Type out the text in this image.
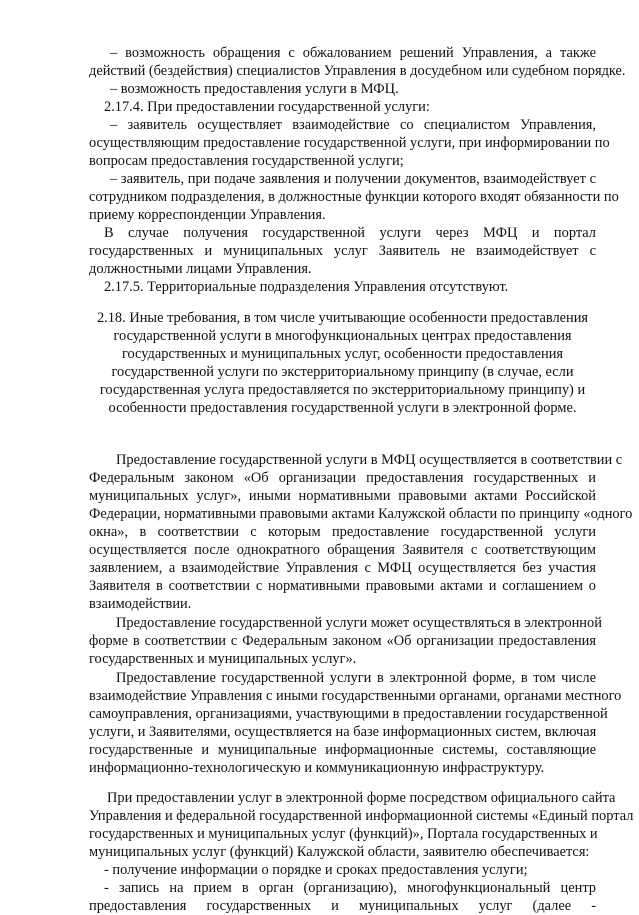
– возможность обращения с обжалованием решений Управления, а также
действий (бездействия) специалистов Управления в досудебном или судебном порядке.
– возможность предоставления услуги в МФЦ.
2.17.4. При предоставлении государственной услуги:
– заявитель осуществляет взаимодействие со специалистом Управления,
осуществляющим предоставление государственной услуги, при информировании по
вопросам предоставления государственной услуги;
– заявитель, при подаче заявления и получении документов, взаимодействует с
сотрудником подразделения, в должностные функции которого входят обязанности по
приему корреспонденции Управления.
В случае получения государственной услуги через МФЦ и портал
государственных и муниципальных услуг Заявитель не взаимодействует с
должностными лицами Управления.
2.17.5. Территориальные подразделения Управления отсутствуют.
2.18. Иные требования, в том числе учитывающие особенности предоставления
государственной услуги в многофункциональных центрах предоставления
государственных и муниципальных услуг, особенности предоставления
государственной услуги по экстерриториальному принципу (в случае, если
государственная услуга предоставляется по экстерриториальному принципу) и
особенности предоставления государственной услуги в электронной форме.
Предоставление государственной услуги в МФЦ осуществляется в соответствии с
Федеральным законом «Об организации предоставления государственных и
муниципальных услуг», иными нормативными правовыми актами Российской
Федерации, нормативными правовыми актами Калужской области по принципу «одного
окна», в соответствии с которым предоставление государственной услуги
осуществляется после однократного обращения Заявителя с соответствующим
заявлением, а взаимодействие Управления с МФЦ осуществляется без участия
Заявителя в соответствии с нормативными правовыми актами и соглашением о
взаимодействии.
Предоставление государственной услуги может осуществляться в электронной
форме в соответствии с Федеральным законом «Об организации предоставления
государственных и муниципальных услуг».
Предоставление государственной услуги в электронной форме, в том числе
взаимодействие Управления с иными государственными органами, органами местного
самоуправления, организациями, участвующими в предоставлении государственной
услуги, и Заявителями, осуществляется на базе информационных систем, включая
государственные и муниципальные информационные системы, составляющие
информационно-технологическую и коммуникационную инфраструктуру.
При предоставлении услуг в электронной форме посредством официального сайта
Управления и федеральной государственной информационной системы «Единый портал
государственных и муниципальных услуг (функций)», Портала государственных и
муниципальных услуг (функций) Калужской области, заявителю обеспечивается:
- получение информации о порядке и сроках предоставления услуги;
- запись на прием в орган (организацию), многофункциональный центр
предоставления государственных и муниципальных услуг (далее -
